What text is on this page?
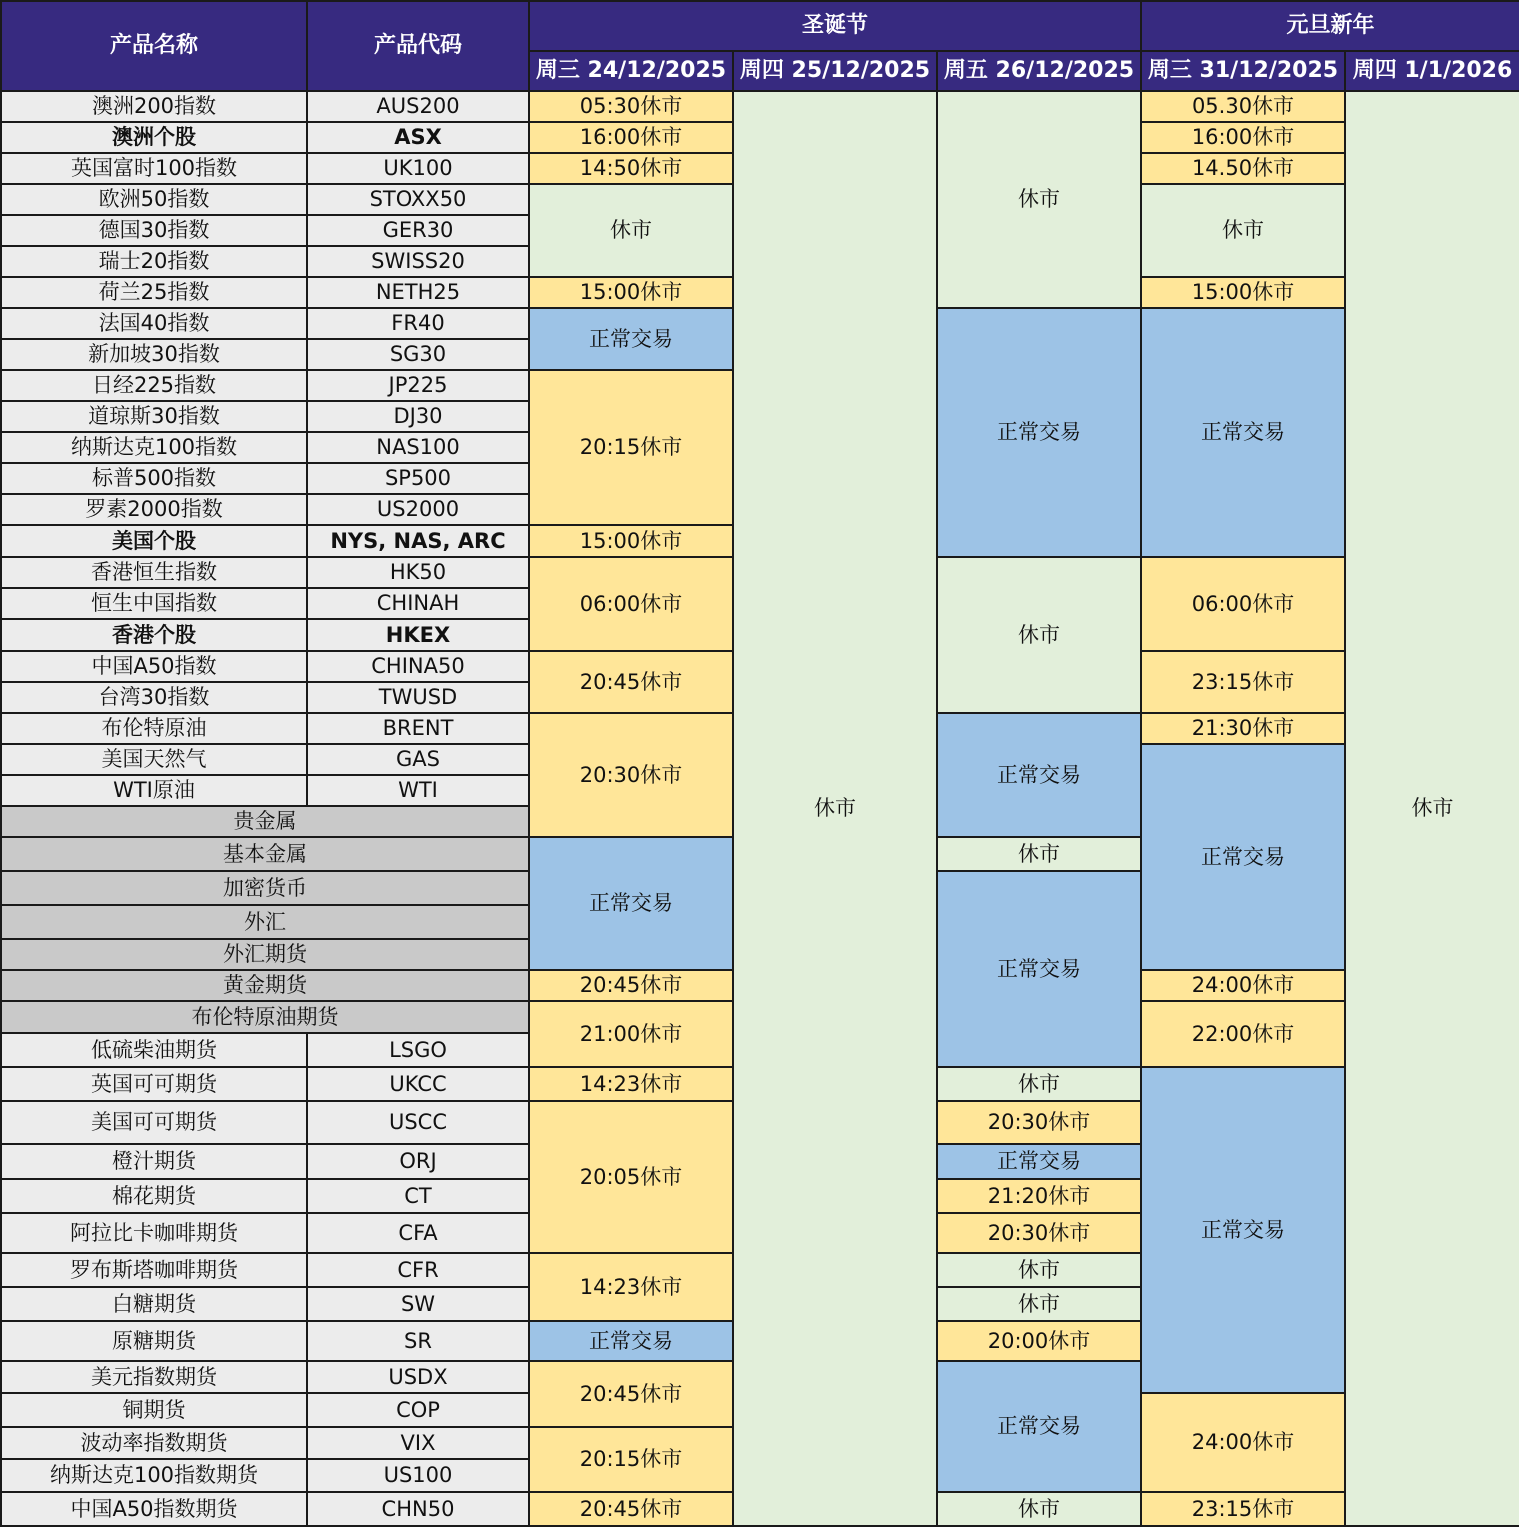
产品名称	产品代码	圣诞节			元旦新年	
		周三 24/12/2025	周四 25/12/2025	周五 26/12/2025	周三 31/12/2025	周四 1/1/2026
澳洲200指数	AUS200	05:30休市	休市	休市	05.30休市	休市
澳洲个股	ASX	16:00休市			16:00休市	
英国富时100指数	UK100	14:50休市			14.50休市	
欧洲50指数	STOXX50	休市			休市	
德国30指数	GER30					
瑞士20指数	SWISS20					
荷兰25指数	NETH25	15:00休市			15:00休市	
法国40指数	FR40	正常交易		正常交易	正常交易	
新加坡30指数	SG30					
日经225指数	JP225	20:15休市				
道琼斯30指数	DJ30					
纳斯达克100指数	NAS100					
标普500指数	SP500					
罗素2000指数	US2000					
美国个股	NYS, NAS, ARC	15:00休市				
香港恒生指数	HK50	06:00休市		休市	06:00休市	
恒生中国指数	CHINAH					
香港个股	HKEX					
中国A50指数	CHINA50	20:45休市			23:15休市	
台湾30指数	TWUSD					
布伦特原油	BRENT	20:30休市		正常交易	21:30休市	
美国天然气	GAS				正常交易	
WTI原油	WTI					
贵金属						
基本金属		正常交易		休市		
加密货币				正常交易		
外汇						
外汇期货						
黄金期货		20:45休市			24:00休市	
布伦特原油期货		21:00休市			22:00休市	
低硫柴油期货	LSGO					
英国可可期货	UKCC	14:23休市		休市	正常交易	
美国可可期货	USCC	20:05休市		20:30休市		
橙汁期货	ORJ			正常交易		
棉花期货	CT			21:20休市		
阿拉比卡咖啡期货	CFA			20:30休市		
罗布斯塔咖啡期货	CFR	14:23休市		休市		
白糖期货	SW			休市		
原糖期货	SR	正常交易		20:00休市		
美元指数期货	USDX	20:45休市		正常交易		
铜期货	COP				24:00休市	
波动率指数期货	VIX	20:15休市				
纳斯达克100指数期货	US100					
中国A50指数期货	CHN50	20:45休市		休市	23:15休市	
